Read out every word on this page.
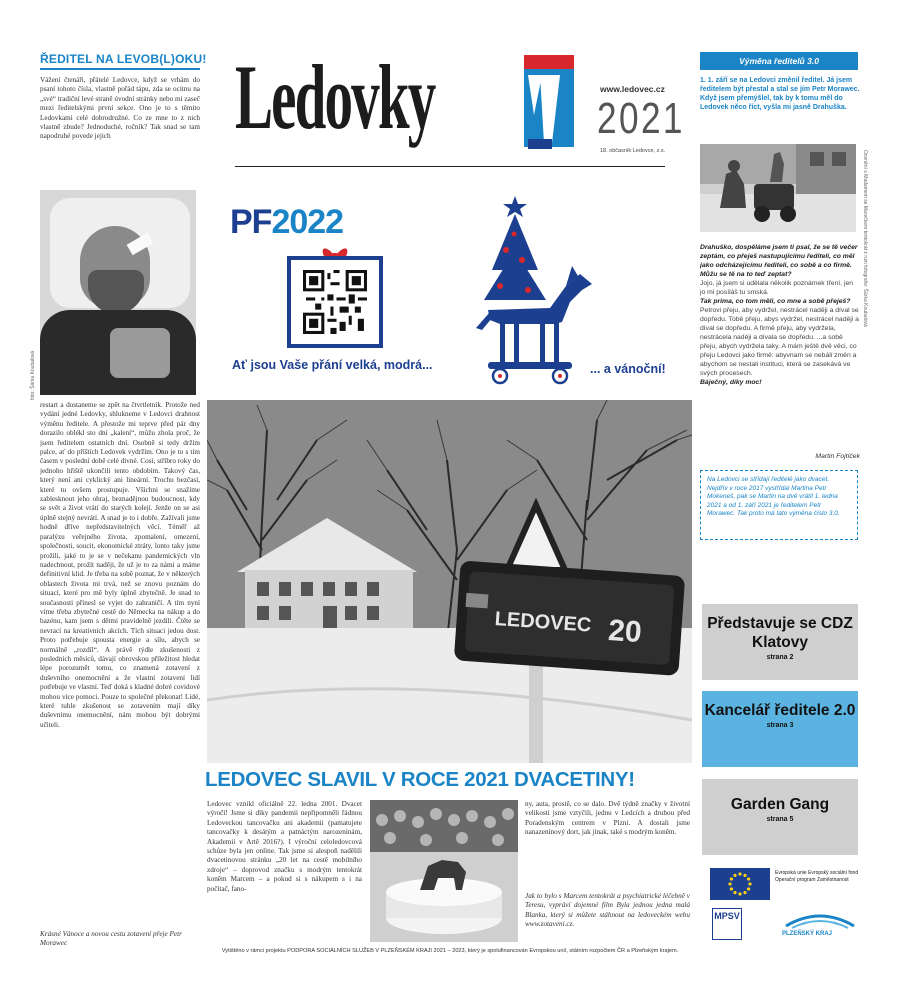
ŘEDITEL NA LEVOB(L)OKU!
Vážení čtenáři, přátelé Ledovce, když se vrhám do psaní tohoto čísla, vlastně pořád tápu, zda se ocitnu na „své“ tradiční levé straně úvodní stránky nebo mi zaseč mezi ředitelskými první sekce. Ono je to s těmito Ledovkami celé dobrodružné. Co ze mne to z nich vlastně zbude? Jednoduché, ročník? Tak snad se tam napodruhé povede jejich
restart a dostaneme se zpět na čtvrtletník. Protože ned vydání jedné Ledovky, shlukneme v Ledovci drahnost výměnu ředitele. A přestože mi teprve před pár dny dorazilo oblékl sto dní „kalení“, můžu zhola proč, že jsem ředitelem ostatních dní. Osobně si tedy držím palce, ať do příštích Ledovek vydržím. Ono je to s tím časem v poslední době celé divné. Cosi, stříbro roky do jednoho hřiště ukončili tento obdobím. Takový čas, který není ani cyklický ani lineární. Trochu bezčasí, které tu ovšem prostupuje. Všichni se snažíme zablesknout jeho ohraj, beznadějnou budoucnost, kdy se svět a život vrátí do starých kolejí. Jenže on se asi úplně stejný nevrátí. A snad je to i dobře. Zažívali jsme hodně dříve nepředstavitelných věcí. Téměř až paralýzu veřejného života, zpomalení, omezení, společnosti, soucit, ekonomické ztráty, lonto taky jsme prožili, jaké to je se v nečekanu pandemických vln nadechnout, prožít naději, že už je to za námi a máme definitivní klid. Je třeba na sobě poznat, že v některých oblastech života mi trvá, než se znovu poznám do situací, které pro mě byly úplně zbytečně. Je snad to současnosti přinesl se vyjet do zahraničí. A tím nyní víme třeba zbytečné cestě do Německa na nákup a do bazénu, kam jsem s dětmi pravidelně jezdili. Čtěte se nevrací na kreativních akcích. Tích situaci jedou dost. Proto potřebuje spousta energie a sílu, abych se normálně „rozdíl“. A právě týdle zkušenosti z posledních měsíců, dávají obrovskou příležitost hledat lépe porozumět tomu, co znamená zotavení z duševního onemocnění a že vlastní zotavení lidí potřebuje ve vlastní. Teď doká s kladné dobré covidové mohou více pomoci. Pouze to společné překonat! Lidé, které tuhle zkušenost se zotavením mají díky duševnímu onemocnění, nám mohou být dobrými učiteli.
Krásné Vánoce a novou cestu zotavení přeje Petr Morawec
foto: Šárka Koubalová
Ledovky	www.ledovec.cz
2021
18. občasník Ledovce, z.s.
PF2022
Ať jsou Vaše přání velká, modrá...	... a vánoční!
LEDOVEC 20
LEDOVEC SLAVIL V ROCE 2021 DVACETINY!
Ledovec vznikl oficiálně 22. ledna 2001. Dvacet výročí! Jsme si díky pandemii nepřipomněli řádnou Ledoveckou tancovačku ani akademii (pamatujete tancovačky k desátým a patnáctým narozeninám, Akademii v Artě 2016?). I výroční celoledovcová schůze byla jen online. Tak jsme si alespoň nadělili dvacetinovou stránku „20 let na cestě mobilního zdroje“ – doprovod značku s modrým tentokrát koněm Marcem – a pokud si s nákupem s i na počítač, fano-
ny, auta, prostě, co se dalo. Dvě týdně značky v životní velikosti jsme vztyčili, jednu v Ledcích a druhou před Poradenským centrem v Plzni. A dostali jsme nanazenínový dort, jak jinak, také s modrým koněm.
Jak to bylo s Marcem tentokrát a psychiatrické léčebně v Teresu, vypráví dojemné film Byla jednou jedna malá Blanka, který si můžete stáhnout na ledoveckém webu www.zotaveni.cz.
Výměna ředitelů 3.0
1. 1. září se na Ledovci změnil ředitel. Já jsem ředitelem být přestal a stal se jím Petr Morawec. Když jsem přemýšlel, tak by k tomu měl do Ledovek něco říct, vyšla mi jasně Drahuška.

Drahuško, dospěláme jsem ti psal, že se tě večer zeptám, co přeješ nastupujícímu řediteli, co měl jako odcházejícímu řediteli, co sobě a co firmě. Můžu se tě na to teď zeptat?

Jojo, já jsem si udělala několik poznámek tření, jen jo mi posíláš tu smská.

Tak prima, co tom měli, co mne a sobě přeješ?

Petrovi přeju, aby vydržel, nestrácel naději a díval se dopředu. Tobě přeju, abys vydržel, nestrácel naději a díval se dopředu. A firmě přeju, aby vydržela, nestrácela naději a dívala se dopředu. ...a sobě přeju, abych vydržela taky. A mám ještě dvě věci, co přeju Ledovci jako firmě: abyvnam se nebáli změn a abychom se nestali instituci, která se zasekává ve svých procesech.

Báječný, díky moc!

Martin Fojtíček
Na Ledovci se střídají ředitelé jako dvacet. Nejdřív v roce 2017 vystřídal Martina Petr Mokeneš, pak se Martin na dvě vrátil 1. ledna 2021 a od 1. září 2021 je ředitelem Petr Morawec. Tak proto má tato výměna číslo 3.0.
Ocenění s Madamem se Marečkem tentokrát z ruin fotografie: Šárka Koubalová
Představuje se CDZ Klatovy
strana 2
Kancelář ředitele 2.0
strana 3
Garden Gang
strana 5
Evropská unie Evropský sociální fond Operační program Zaměstnanost
MPSV
PLZEŇSKÝ KRAJ
Vytištěno v rámci projektu PODPORA SOCIÁLNÍCH SLUŽEB V PLZEŇSKÉM KRAJI 2021 – 2023, který je spolufinancován Evropskou unií, státním rozpočtem ČR a Plzeňským krajem.
